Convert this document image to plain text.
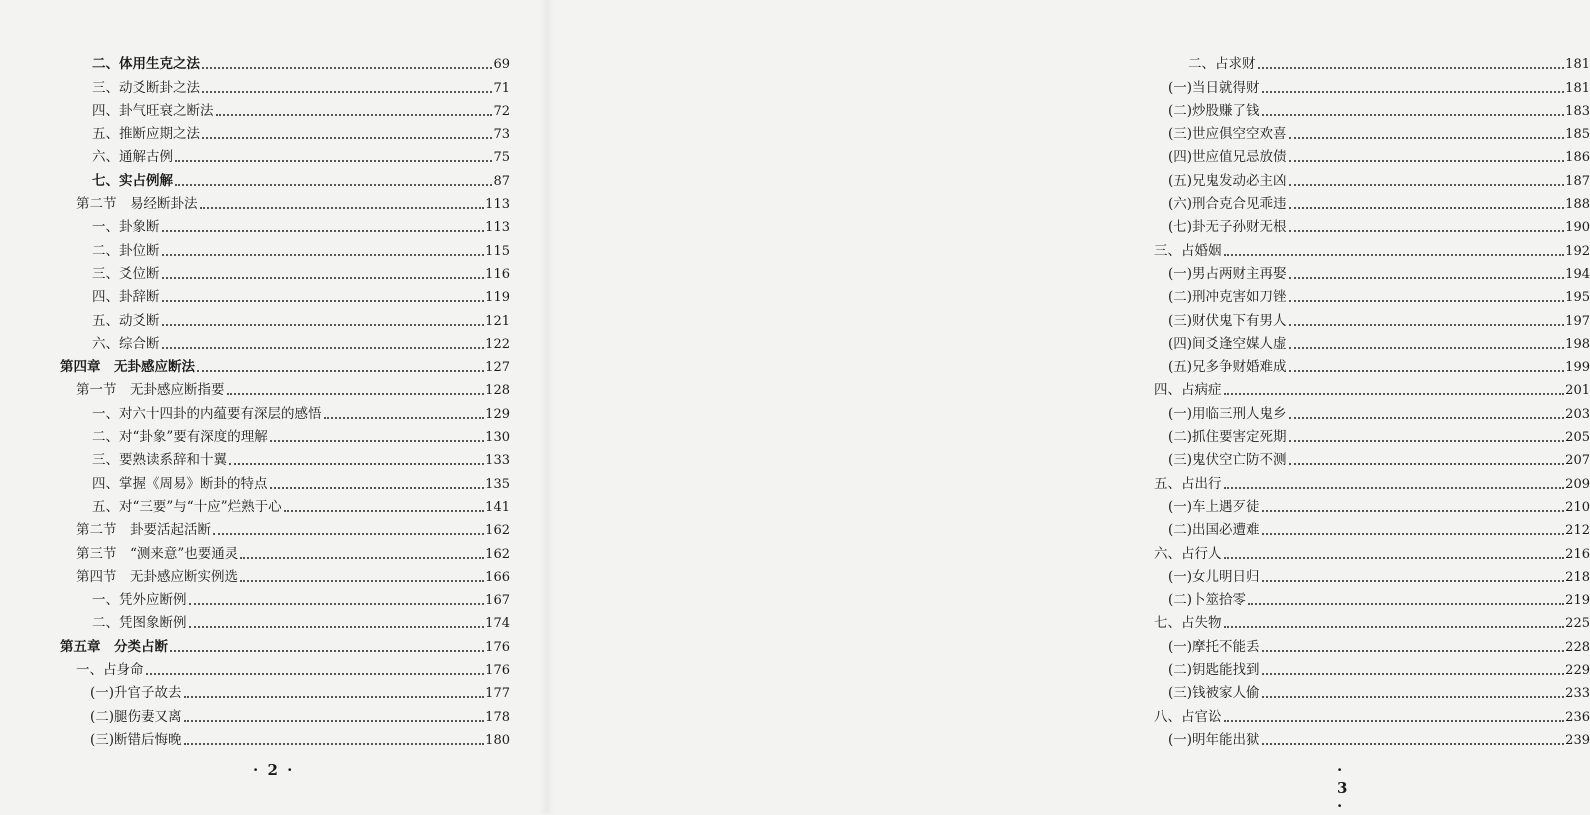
二、体用生克之法	69
三、动爻断卦之法	71
四、卦气旺衰之断法	72
五、推断应期之法	73
六、通解古例	75
七、实占例解	87
第二节　易经断卦法	113
一、卦象断	113
二、卦位断	115
三、爻位断	116
四、卦辞断	119
五、动爻断	121
六、综合断	122
第四章　无卦感应断法	127
第一节　无卦感应断指要	128
一、对六十四卦的内蕴要有深层的感悟	129
二、对“卦象”要有深度的理解	130
三、要熟读系辞和十翼	133
四、掌握《周易》断卦的特点	135
五、对“三要”与“十应”烂熟于心	141
第二节　卦要活起活断	162
第三节　“测来意”也要通灵	162
第四节　无卦感应断实例选	166
一、凭外应断例	167
二、凭图象断例	174
第五章　分类占断	176
一、占身命	176
(一)升官子故去	177
(二)腿伤妻又离	178
(三)断错后悔晚	180
· 2 ·
二、占求财	181
(一)当日就得财	181
(二)炒股赚了钱	183
(三)世应俱空空欢喜	185
(四)世应值兄忌放债	186
(五)兄鬼发动必主凶	187
(六)刑合克合见乖违	188
(七)卦无子孙财无根	190
三、占婚姻	192
(一)男占两财主再娶	194
(二)刑冲克害如刀锉	195
(三)财伏鬼下有男人	197
(四)间爻逢空媒人虚	198
(五)兄多争财婚难成	199
四、占病症	201
(一)用临三刑人鬼乡	203
(二)抓住要害定死期	205
(三)鬼伏空亡防不测	207
五、占出行	209
(一)车上遇歹徒	210
(二)出国必遭难	212
六、占行人	216
(一)女儿明日归	218
(二)卜筮拾零	219
七、占失物	225
(一)摩托不能丢	228
(二)钥匙能找到	229
(三)钱被家人偷	233
八、占官讼	236
(一)明年能出狱	239
· 3 ·
